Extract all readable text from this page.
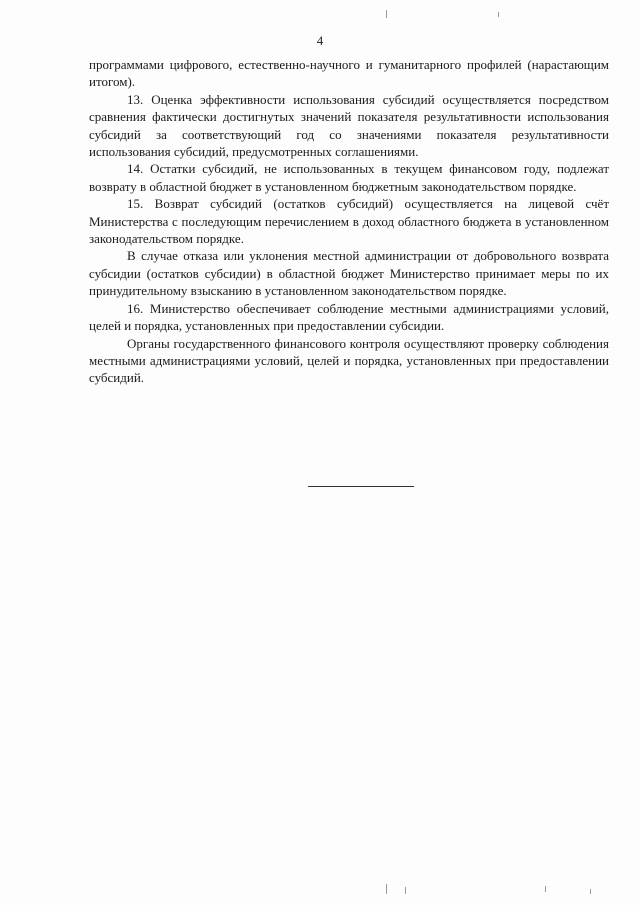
4

программами цифрового, естественно-научного и гуманитарного профилей (нарастающим итогом).

13. Оценка эффективности использования субсидий осуществляется посредством сравнения фактически достигнутых значений показателя результативности использования субсидий за соответствующий год со значениями показателя результативности использования субсидий, предусмотренных соглашениями.

14. Остатки субсидий, не использованных в текущем финансовом году, подлежат возврату в областной бюджет в установленном бюджетным законодательством порядке.

15. Возврат субсидий (остатков субсидий) осуществляется на лицевой счёт Министерства с последующим перечислением в доход областного бюджета в установленном законодательством порядке.

В случае отказа или уклонения местной администрации от добровольного возврата субсидии (остатков субсидии) в областной бюджет Министерство принимает меры по их принудительному взысканию в установленном законодательством порядке.

16. Министерство обеспечивает соблюдение местными администрациями условий, целей и порядка, установленных при предоставлении субсидии.

Органы государственного финансового контроля осуществляют проверку соблюдения местными администрациями условий, целей и порядка, установленных при предоставлении субсидий.
